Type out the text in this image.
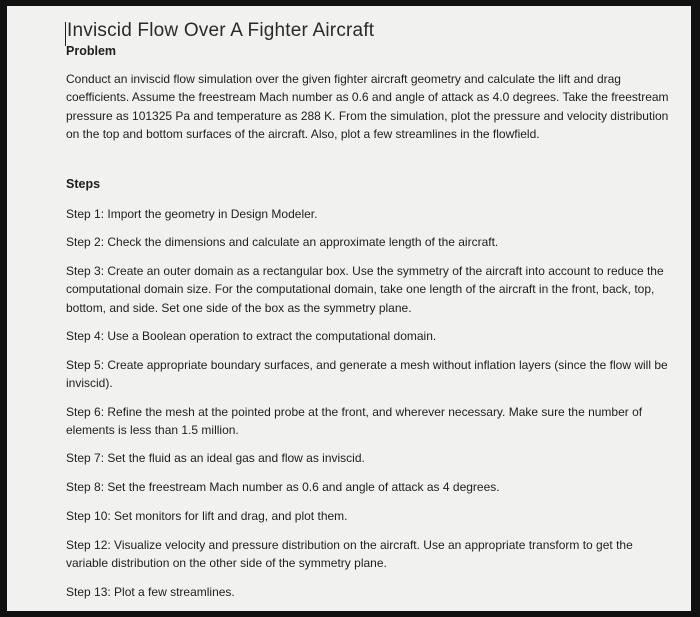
Inviscid Flow Over A Fighter Aircraft
Problem
Conduct an inviscid flow simulation over the given fighter aircraft geometry and calculate the lift and drag coefficients. Assume the freestream Mach number as 0.6 and angle of attack as 4.0 degrees. Take the freestream pressure as 101325 Pa and temperature as 288 K. From the simulation, plot the pressure and velocity distribution on the top and bottom surfaces of the aircraft. Also, plot a few streamlines in the flowfield.
Steps
Step 1: Import the geometry in Design Modeler.
Step 2: Check the dimensions and calculate an approximate length of the aircraft.
Step 3: Create an outer domain as a rectangular box. Use the symmetry of the aircraft into account to reduce the computational domain size. For the computational domain, take one length of the aircraft in the front, back, top, bottom, and side. Set one side of the box as the symmetry plane.
Step 4: Use a Boolean operation to extract the computational domain.
Step 5: Create appropriate boundary surfaces, and generate a mesh without inflation layers (since the flow will be inviscid).
Step 6: Refine the mesh at the pointed probe at the front, and wherever necessary. Make sure the number of elements is less than 1.5 million.
Step 7: Set the fluid as an ideal gas and flow as inviscid.
Step 8: Set the freestream Mach number as 0.6 and angle of attack as 4 degrees.
Step 10: Set monitors for lift and drag, and plot them.
Step 12: Visualize velocity and pressure distribution on the aircraft. Use an appropriate transform to get the variable distribution on the other side of the symmetry plane.
Step 13: Plot a few streamlines.
